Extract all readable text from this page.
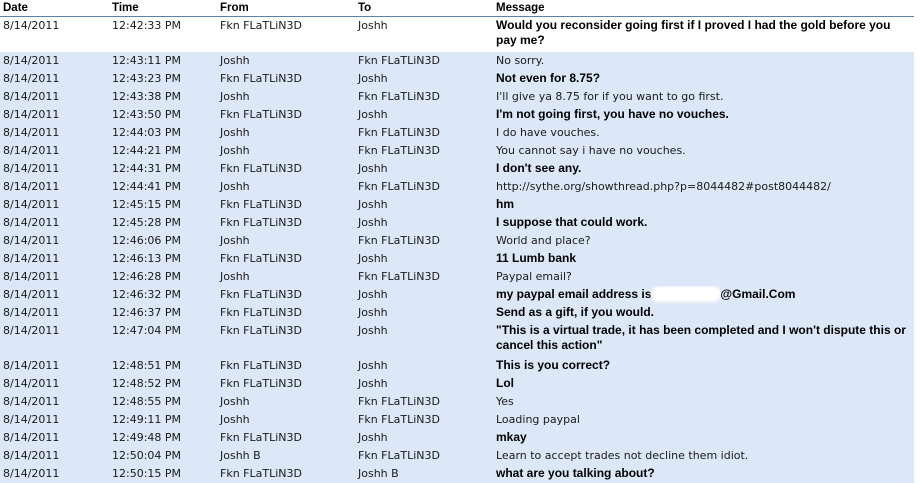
Date	Time	From	To	Message
8/14/2011	12:42:33 PM	Fkn FLaTLiN3D	Joshh	Would you reconsider going first if I proved I had the gold before you pay me?
8/14/2011	12:43:11 PM	Joshh	Fkn FLaTLiN3D	No sorry.
8/14/2011	12:43:23 PM	Fkn FLaTLiN3D	Joshh	Not even for 8.75?
8/14/2011	12:43:38 PM	Joshh	Fkn FLaTLiN3D	I'll give ya 8.75 for if you want to go first.
8/14/2011	12:43:50 PM	Fkn FLaTLiN3D	Joshh	I'm not going first, you have no vouches.
8/14/2011	12:44:03 PM	Joshh	Fkn FLaTLiN3D	I do have vouches.
8/14/2011	12:44:21 PM	Joshh	Fkn FLaTLiN3D	You cannot say i have no vouches.
8/14/2011	12:44:31 PM	Fkn FLaTLiN3D	Joshh	I don't see any.
8/14/2011	12:44:41 PM	Joshh	Fkn FLaTLiN3D	http://sythe.org/showthread.php?p=8044482#post8044482/
8/14/2011	12:45:15 PM	Fkn FLaTLiN3D	Joshh	hm
8/14/2011	12:45:28 PM	Fkn FLaTLiN3D	Joshh	I suppose that could work.
8/14/2011	12:46:06 PM	Joshh	Fkn FLaTLiN3D	World and place?
8/14/2011	12:46:13 PM	Fkn FLaTLiN3D	Joshh	11 Lumb bank
8/14/2011	12:46:28 PM	Joshh	Fkn FLaTLiN3D	Paypal email?
8/14/2011	12:46:32 PM	Fkn FLaTLiN3D	Joshh	my paypal email address is @Gmail.Com
8/14/2011	12:46:37 PM	Fkn FLaTLiN3D	Joshh	Send as a gift, if you would.
8/14/2011	12:47:04 PM	Fkn FLaTLiN3D	Joshh	"This is a virtual trade, it has been completed and I won't dispute this or cancel this action"
8/14/2011	12:48:51 PM	Fkn FLaTLiN3D	Joshh	This is you correct?
8/14/2011	12:48:52 PM	Fkn FLaTLiN3D	Joshh	Lol
8/14/2011	12:48:55 PM	Joshh	Fkn FLaTLiN3D	Yes
8/14/2011	12:49:11 PM	Joshh	Fkn FLaTLiN3D	Loading paypal
8/14/2011	12:49:48 PM	Fkn FLaTLiN3D	Joshh	mkay
8/14/2011	12:50:04 PM	Joshh B	Fkn FLaTLiN3D	Learn to accept trades not decline them idiot.
8/14/2011	12:50:15 PM	Fkn FLaTLiN3D	Joshh B	what are you talking about?
